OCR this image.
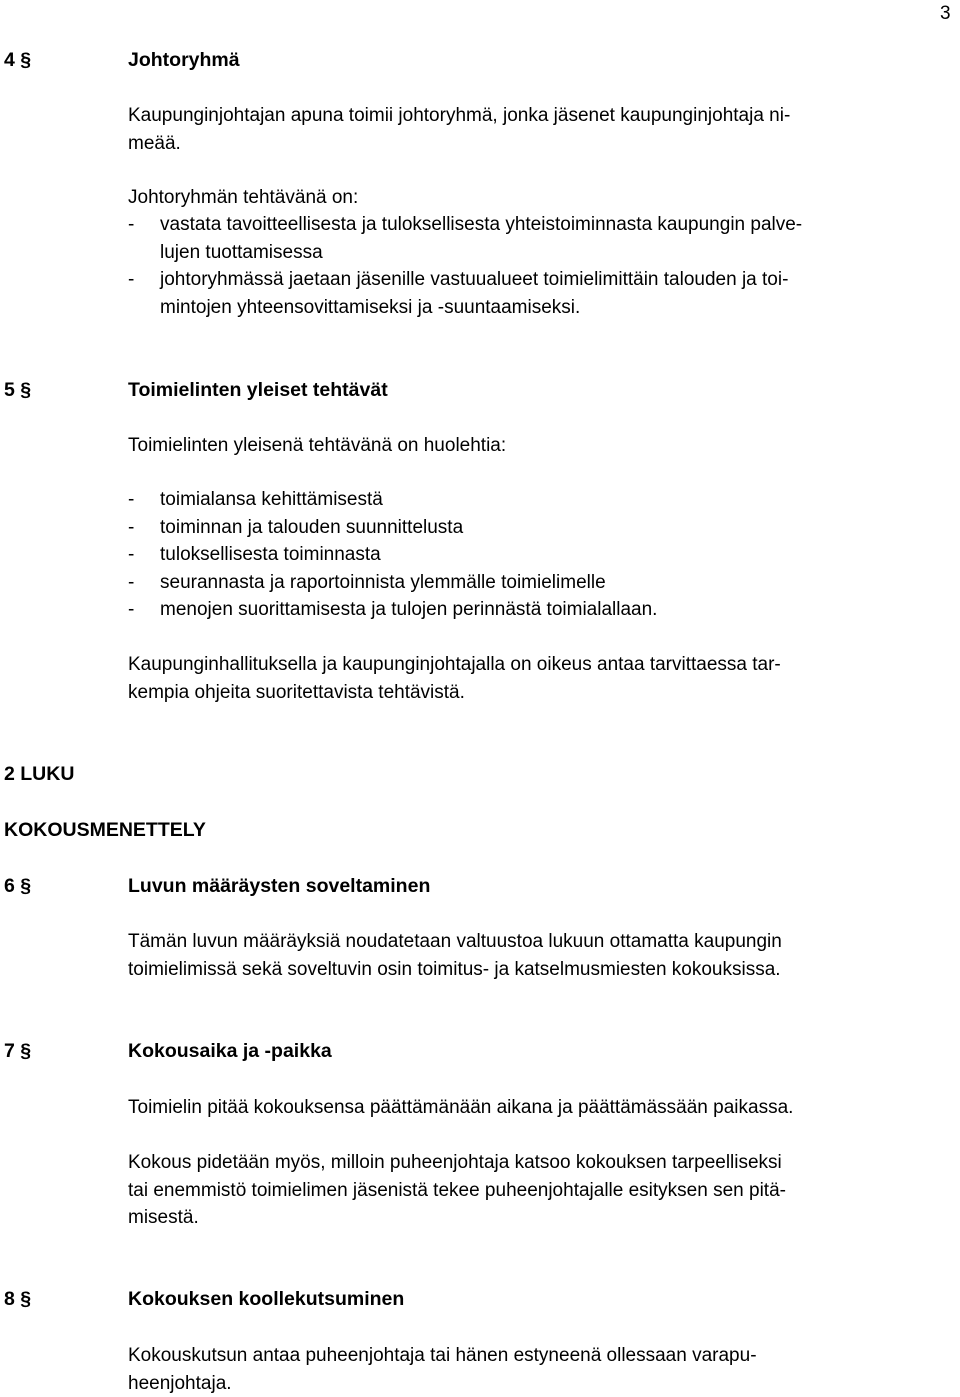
3
4 §	Johtoryhmä
Kaupunginjohtajan apuna toimii johtoryhmä, jonka jäsenet kaupunginjohtaja ni-
meää.
Johtoryhmän tehtävänä on:
- vastata tavoitteellisesta ja tuloksellisesta yhteistoiminnasta kaupungin palve-
lujen tuottamisessa
- johtoryhmässä jaetaan jäsenille vastuualueet toimielimittäin talouden ja toi-
mintojen yhteensovittamiseksi ja -suuntaamiseksi.
5 §	Toimielinten yleiset tehtävät
Toimielinten yleisenä tehtävänä on huolehtia:
- toimialansa kehittämisestä
- toiminnan ja talouden suunnittelusta
- tuloksellisesta toiminnasta
- seurannasta ja raportoinnista ylemmälle toimielimelle
- menojen suorittamisesta ja tulojen perinnästä toimialallaan.
Kaupunginhallituksella ja kaupunginjohtajalla on oikeus antaa tarvittaessa tar-
kempia ohjeita suoritettavista tehtävistä.
2 LUKU
KOKOUSMENETTELY
6 §	Luvun määräysten soveltaminen
Tämän luvun määräyksiä noudatetaan valtuustoa lukuun ottamatta kaupungin
toimielimissä sekä soveltuvin osin toimitus- ja katselmusmiesten kokouksissa.
7 §	Kokousaika ja -paikka
Toimielin pitää kokouksensa päättämänään aikana ja päättämässään paikassa.
Kokous pidetään myös, milloin puheenjohtaja katsoo kokouksen tarpeelliseksi
tai enemmistö toimielimen jäsenistä tekee puheenjohtajalle esityksen sen pitä-
misestä.
8 §	Kokouksen koollekutsuminen
Kokouskutsun antaa puheenjohtaja tai hänen estyneenä ollessaan varapu-
heenjohtaja.
